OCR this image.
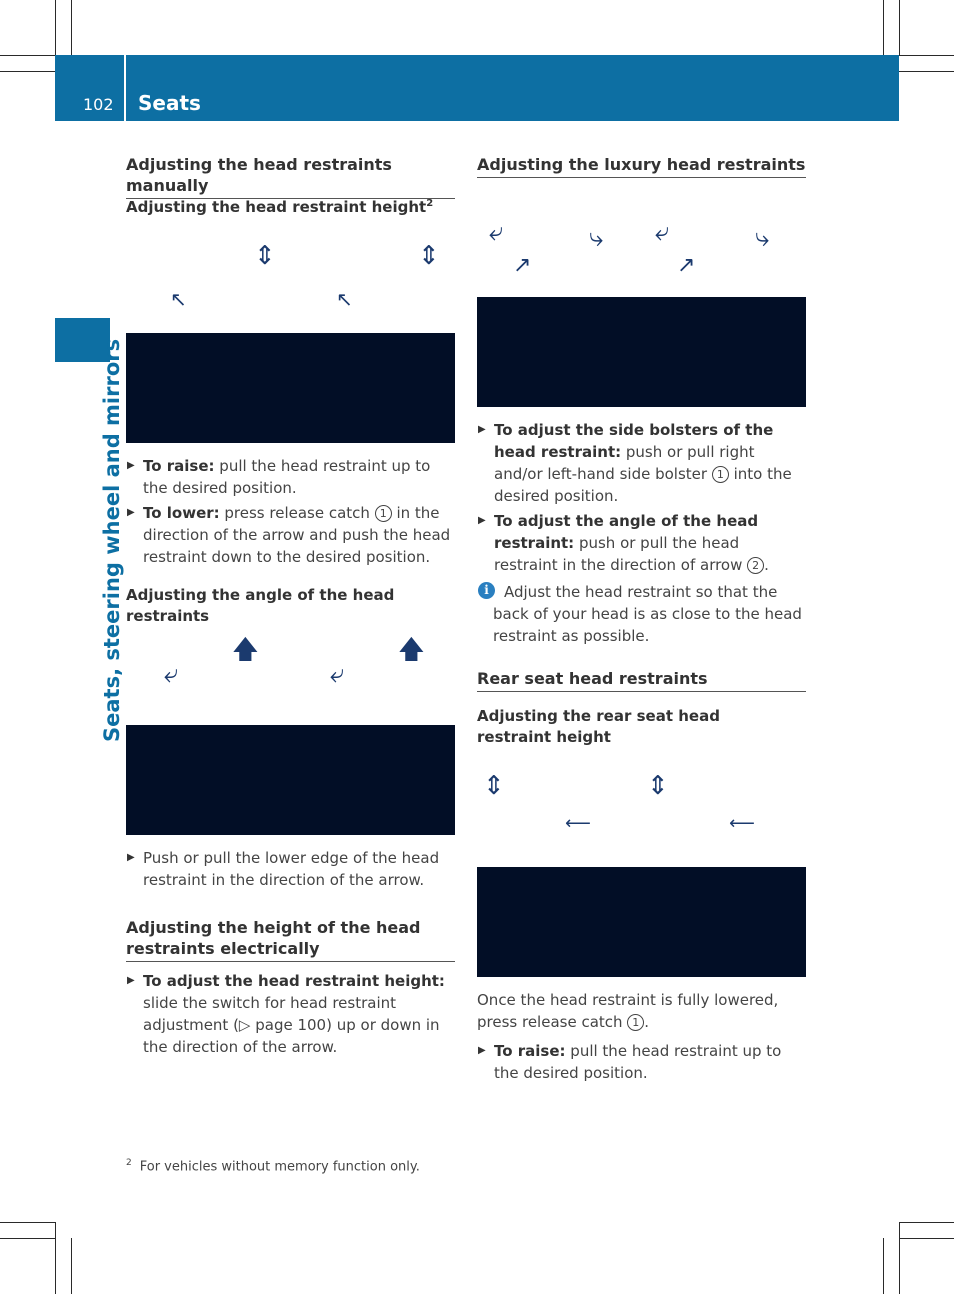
102 Seats
Seats, steering wheel and mirrors
Adjusting the head restraints manually
Adjusting the head restraint height$^2$
⇕	⇕
↖	↖
▶ To raise: pull the head restraint up to the desired position.
▶ To lower: press release catch 1 in the direction of the arrow and push the head restraint down to the desired position.
Adjusting the angle of the head restraints
⤶
🡅
⤶
🡅
▶ Push or pull the lower edge of the head restraint in the direction of the arrow.
Adjusting the height of the head restraints electrically
▶ To adjust the head restraint height: slide the switch for head restraint adjustment (▷ page 100) up or down in the direction of the arrow.
Adjusting the luxury head restraints
⤶
↗
⤷ ⤶
↗
⤷
▶ To adjust the side bolsters of the head restraint: push or pull right and/or left-hand side bolster 1 into the desired position.
▶ To adjust the angle of the head restraint: push or pull the head restraint in the direction of arrow 2 .
i	Adjust the head restraint so that the back of your head is as close to the head restraint as possible.
Rear seat head restraints
Adjusting the rear seat head restraint height
⇕
⟵
⇕
⟵
Once the head restraint is fully lowered, press release catch 1 .
▶ To raise: pull the head restraint up to the desired position.
$^2$ For vehicles without memory function only.
